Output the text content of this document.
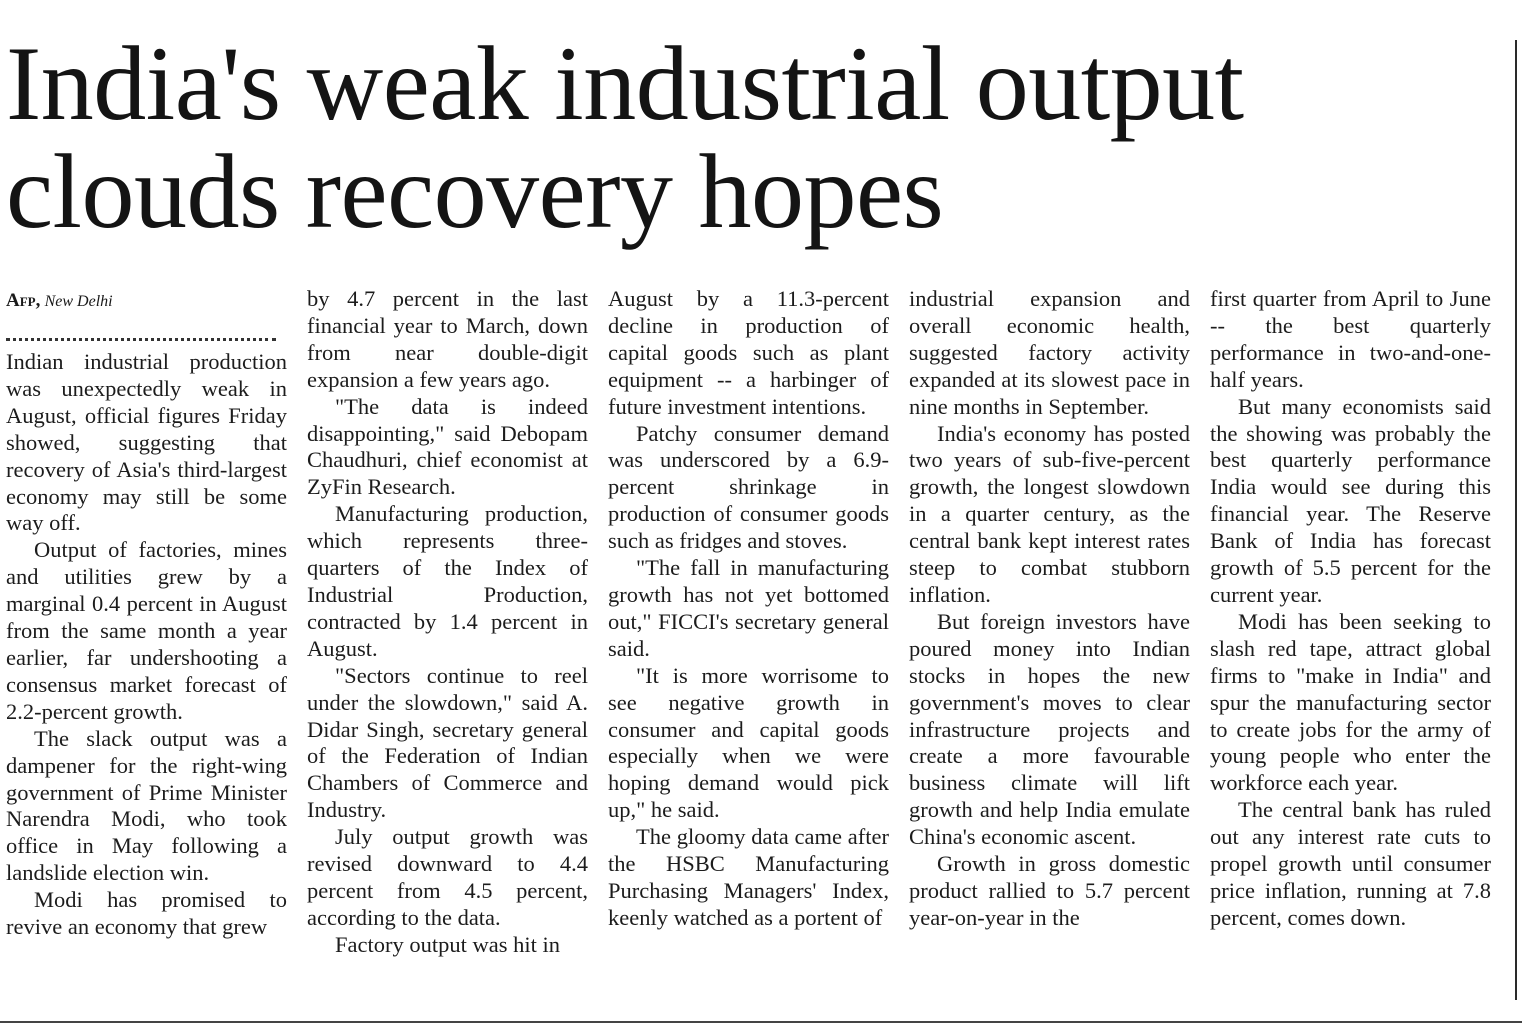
India's weak industrial output clouds recovery hopes
Afp, New Delhi

Indian industrial production was unexpectedly weak in August, official figures Friday showed, suggesting that recovery of Asia's third-largest economy may still be some way off.

Output of factories, mines and utilities grew by a marginal 0.4 percent in August from the same month a year earlier, far undershooting a consensus market forecast of 2.2-percent growth.

The slack output was a dampener for the right-wing government of Prime Minister Narendra Modi, who took office in May following a landslide election win.

Modi has promised to revive an economy that grew

by 4.7 percent in the last financial year to March, down from near double-digit expansion a few years ago.

"The data is indeed disappointing," said Debopam Chaudhuri, chief economist at ZyFin Research.

Manufacturing production, which represents three-quarters of the Index of Industrial Production, contracted by 1.4 percent in August.

"Sectors continue to reel under the slowdown," said A. Didar Singh, secretary general of the Federation of Indian Chambers of Commerce and Industry.

July output growth was revised downward to 4.4 percent from 4.5 percent, according to the data.

Factory output was hit in

August by a 11.3-percent decline in production of capital goods such as plant equipment -- a harbinger of future investment intentions.

Patchy consumer demand was underscored by a 6.9-percent shrinkage in production of consumer goods such as fridges and stoves.

"The fall in manufacturing growth has not yet bottomed out," FICCI's secretary general said.

"It is more worrisome to see negative growth in consumer and capital goods especially when we were hoping demand would pick up," he said.

The gloomy data came after the HSBC Manufacturing Purchasing Managers' Index, keenly watched as a portent of

industrial expansion and overall economic health, suggested factory activity expanded at its slowest pace in nine months in September.

India's economy has posted two years of sub-five-percent growth, the longest slowdown in a quarter century, as the central bank kept interest rates steep to combat stubborn inflation.

But foreign investors have poured money into Indian stocks in hopes the new government's moves to clear infrastructure projects and create a more favourable business climate will lift growth and help India emulate China's economic ascent.

Growth in gross domestic product rallied to 5.7 percent year-on-year in the

first quarter from April to June -- the best quarterly performance in two-and-one-half years.

But many economists said the showing was probably the best quarterly performance India would see during this financial year. The Reserve Bank of India has forecast growth of 5.5 percent for the current year.

Modi has been seeking to slash red tape, attract global firms to "make in India" and spur the manufacturing sector to create jobs for the army of young people who enter the workforce each year.

The central bank has ruled out any interest rate cuts to propel growth until consumer price inflation, running at 7.8 percent, comes down.
